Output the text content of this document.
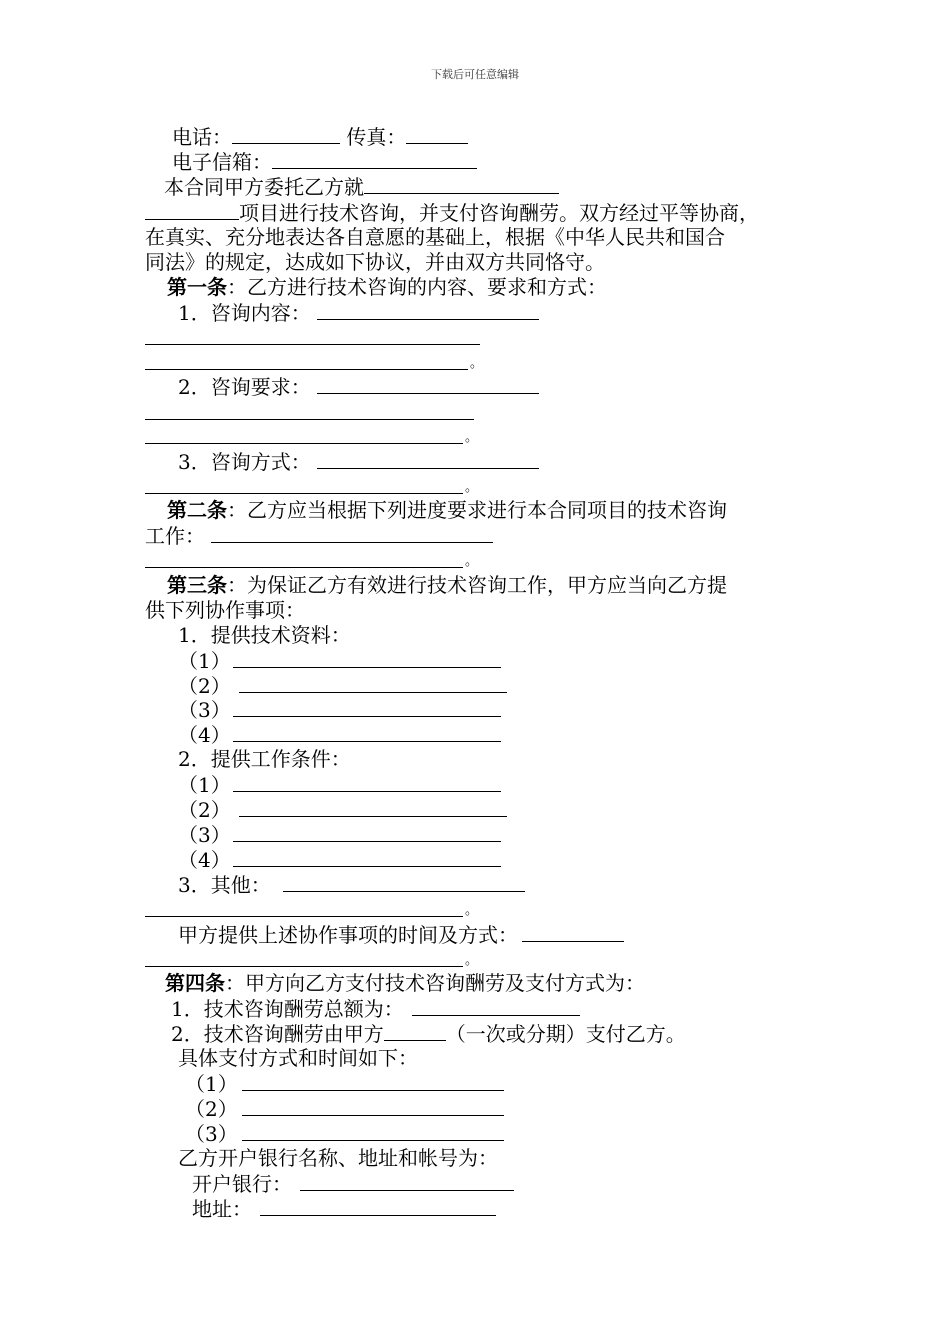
下载后可任意编辑
电话：	传真：
电子信箱：
本合同甲方委托乙方就
项目进行技术咨询，并支付咨询酬劳。双方经过平等协商，
在真实、充分地表达各自意愿的基础上，根据《中华人民共和国合
同法》的规定，达成如下协议，并由双方共同恪守。
第一条：乙方进行技术咨询的内容、要求和方式：
1．咨询内容：
。
2．咨询要求：
。
3．咨询方式：
。
第二条：乙方应当根据下列进度要求进行本合同项目的技术咨询
工作：
。
第三条：为保证乙方有效进行技术咨询工作，甲方应当向乙方提
供下列协作事项：
1．提供技术资料：
（1）
（2）
（3）
（4）
2．提供工作条件：
（1）
（2）
（3）
（4）
3．其他：
。
甲方提供上述协作事项的时间及方式：
。
第四条：甲方向乙方支付技术咨询酬劳及支付方式为：
1．技术咨询酬劳总额为：
2．技术咨询酬劳由甲方	（一次或分期）支付乙方。
具体支付方式和时间如下：
（1）
（2）
（3）
乙方开户银行名称、地址和帐号为：
开户银行：
地址：
